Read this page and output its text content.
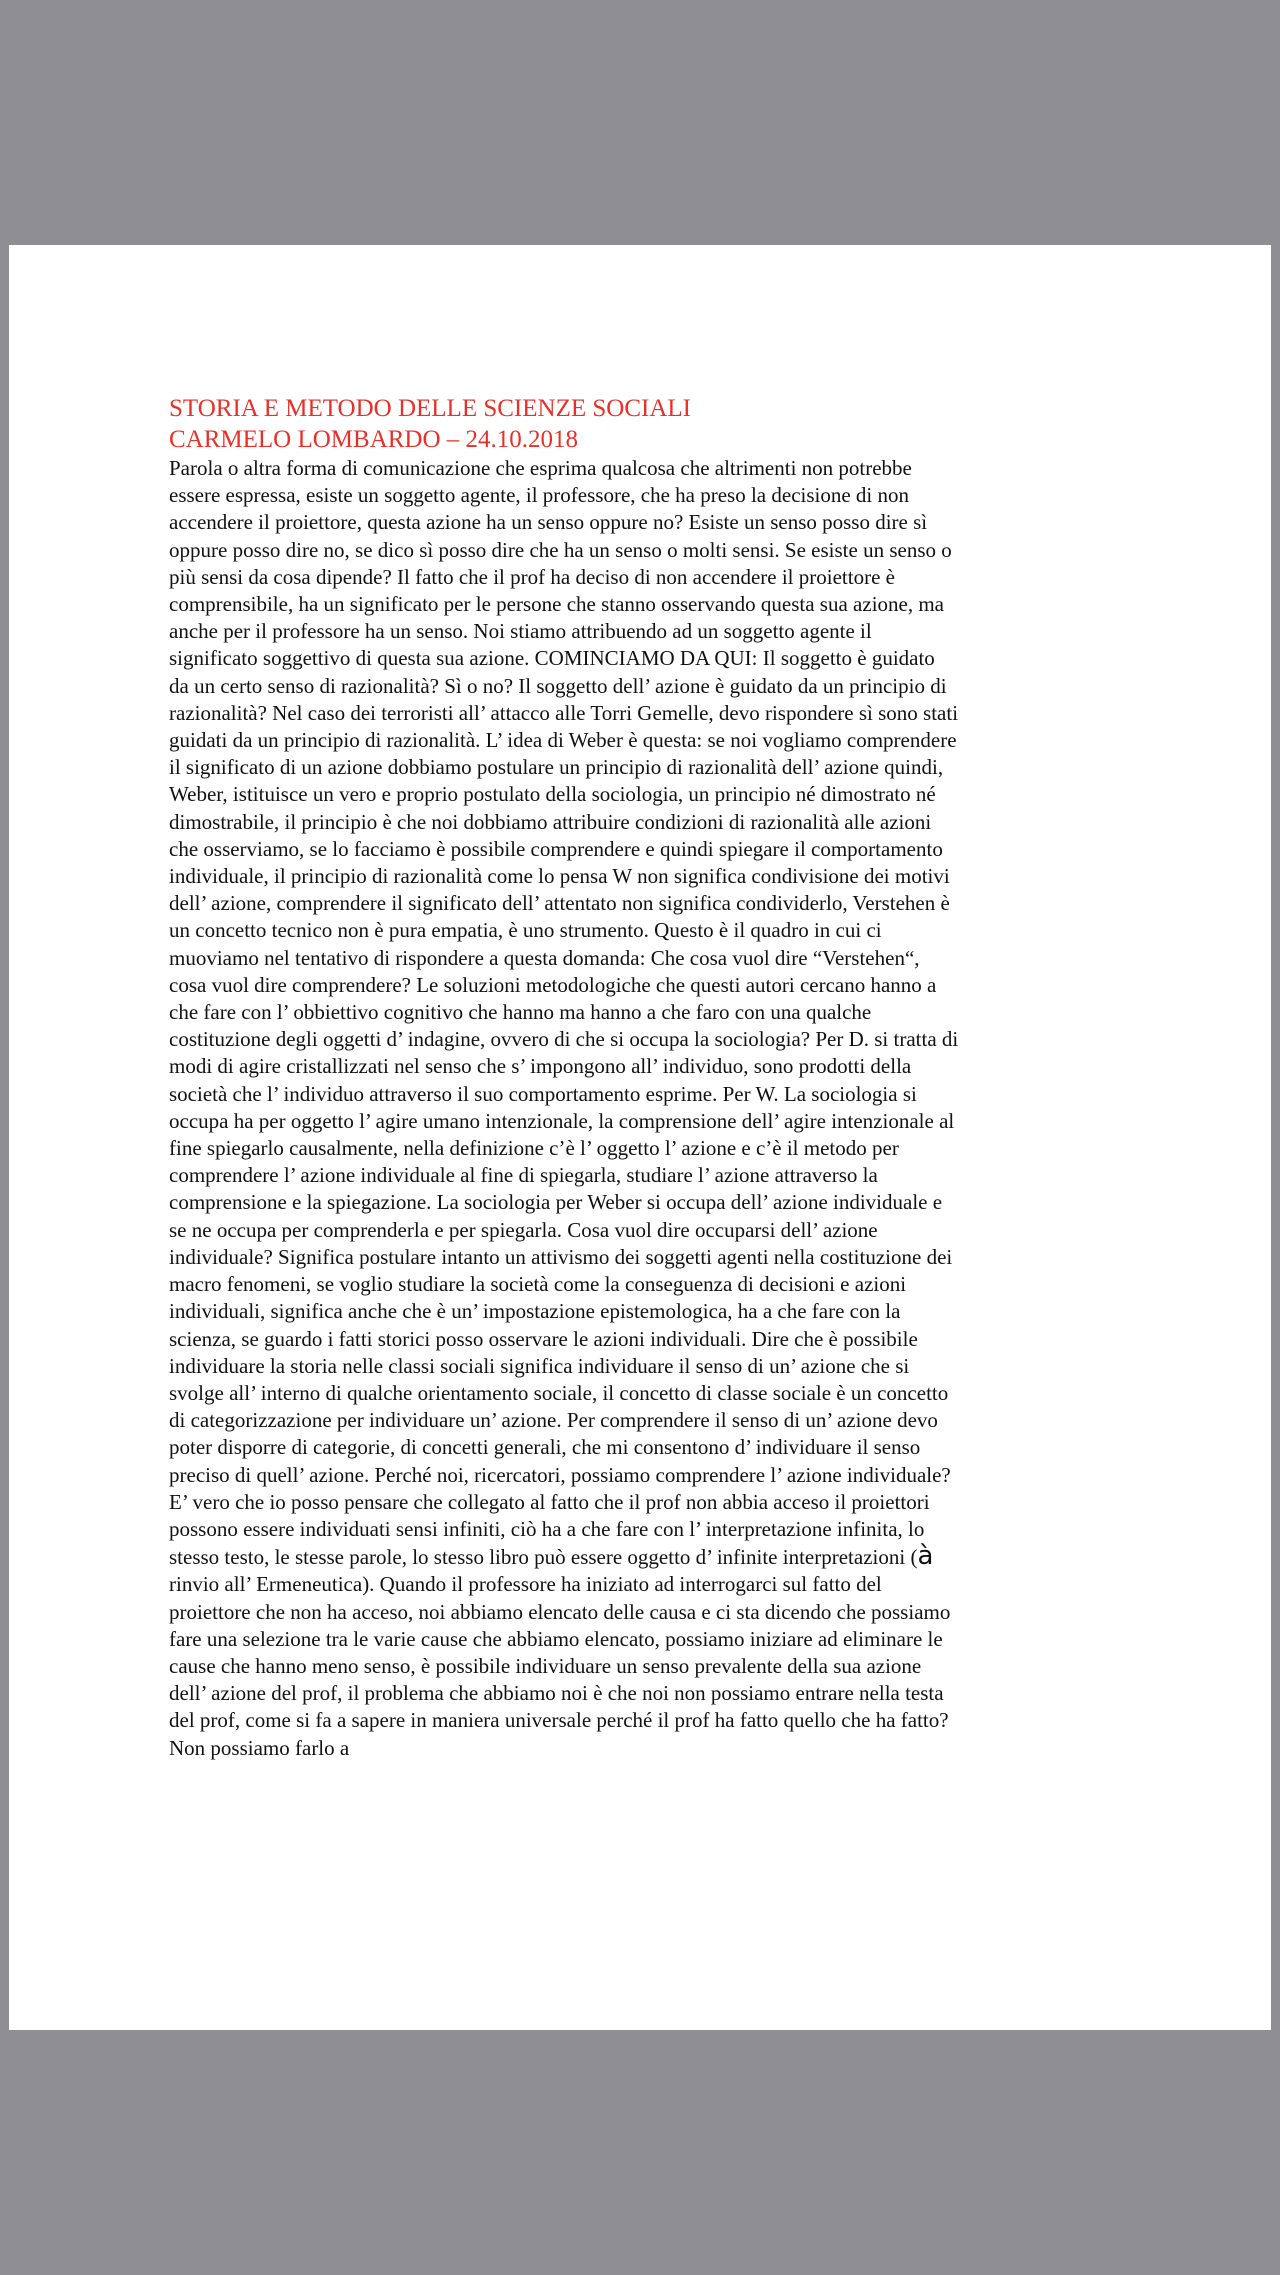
STORIA E METODO DELLE SCIENZE SOCIALI
CARMELO LOMBARDO – 24.10.2018

Parola o altra forma di comunicazione che esprima qualcosa che altrimenti non potrebbe essere espressa, esiste un soggetto agente, il professore, che ha preso la decisione di non accendere il proiettore, questa azione ha un senso oppure no? Esiste un senso posso dire sì oppure posso dire no, se dico sì posso dire che ha un senso o molti sensi. Se esiste un senso o più sensi da cosa dipende? Il fatto che il prof ha deciso di non accendere il proiettore è comprensibile, ha un significato per le persone che stanno osservando questa sua azione, ma anche per il professore ha un senso. Noi stiamo attribuendo ad un soggetto agente il significato soggettivo di questa sua azione. COMINCIAMO DA QUI: Il soggetto è guidato da un certo senso di razionalità? Sì o no? Il soggetto dell’ azione è guidato da un principio di razionalità? Nel caso dei terroristi all’ attacco alle Torri Gemelle, devo rispondere sì sono stati guidati da un principio di razionalità. L’ idea di Weber è questa: se noi vogliamo comprendere il significato di un azione dobbiamo postulare un principio di razionalità dell’ azione quindi, Weber, istituisce un vero e proprio postulato della sociologia, un principio né dimostrato né dimostrabile, il principio è che noi dobbiamo attribuire condizioni di razionalità alle azioni che osserviamo, se lo facciamo è possibile comprendere e quindi spiegare il comportamento individuale, il principio di razionalità come lo pensa W non significa condivisione dei motivi dell’ azione, comprendere il significato dell’ attentato non significa condividerlo, Verstehen è un concetto tecnico non è pura empatia, è uno strumento. Questo è il quadro in cui ci muoviamo nel tentativo di rispondere a questa domanda: Che cosa vuol dire “Verstehen“, cosa vuol dire comprendere? Le soluzioni metodologiche che questi autori cercano hanno a che fare con l’ obbiettivo cognitivo che hanno ma hanno a che faro con una qualche costituzione degli oggetti d’ indagine, ovvero di che si occupa la sociologia? Per D. si tratta di modi di agire cristallizzati nel senso che s’ impongono all’ individuo, sono prodotti della società che l’ individuo attraverso il suo comportamento esprime. Per W. La sociologia si occupa ha per oggetto l’ agire umano intenzionale, la comprensione dell’ agire intenzionale al fine spiegarlo causalmente, nella definizione c’è l’ oggetto l’ azione e c’è il metodo per comprendere l’ azione individuale al fine di spiegarla, studiare l’ azione attraverso la comprensione e la spiegazione. La sociologia per Weber si occupa dell’ azione individuale e se ne occupa per comprenderla e per spiegarla. Cosa vuol dire occuparsi dell’ azione individuale? Significa postulare intanto un attivismo dei soggetti agenti nella costituzione dei macro fenomeni, se voglio studiare la società come la conseguenza di decisioni e azioni individuali, significa anche che è un’ impostazione epistemologica, ha a che fare con la scienza, se guardo i fatti storici posso osservare le azioni individuali. Dire che è possibile individuare la storia nelle classi sociali significa individuare il senso di un’ azione che si svolge all’ interno di qualche orientamento sociale, il concetto di classe sociale è un concetto di categorizzazione per individuare un’ azione. Per comprendere il senso di un’ azione devo poter disporre di categorie, di concetti generali, che mi consentono d’ individuare il senso preciso di quell’ azione. Perché noi, ricercatori, possiamo comprendere l’ azione individuale? E’ vero che io posso pensare che collegato al fatto che il prof non abbia acceso il proiettori possono essere individuati sensi infiniti, ciò ha a che fare con l’ interpretazione infinita, lo stesso testo, le stesse parole, lo stesso libro può essere oggetto d’ infinite interpretazioni (à rinvio all’ Ermeneutica). Quando il professore ha iniziato ad interrogarci sul fatto del proiettore che non ha acceso, noi abbiamo elencato delle causa e ci sta dicendo che possiamo fare una selezione tra le varie cause che abbiamo elencato, possiamo iniziare ad eliminare le cause che hanno meno senso, è possibile individuare un senso prevalente della sua azione dell’ azione del prof, il problema che abbiamo noi è che noi non possiamo entrare nella testa del prof, come si fa a sapere in maniera universale perché il prof ha fatto quello che ha fatto? Non possiamo farlo a
